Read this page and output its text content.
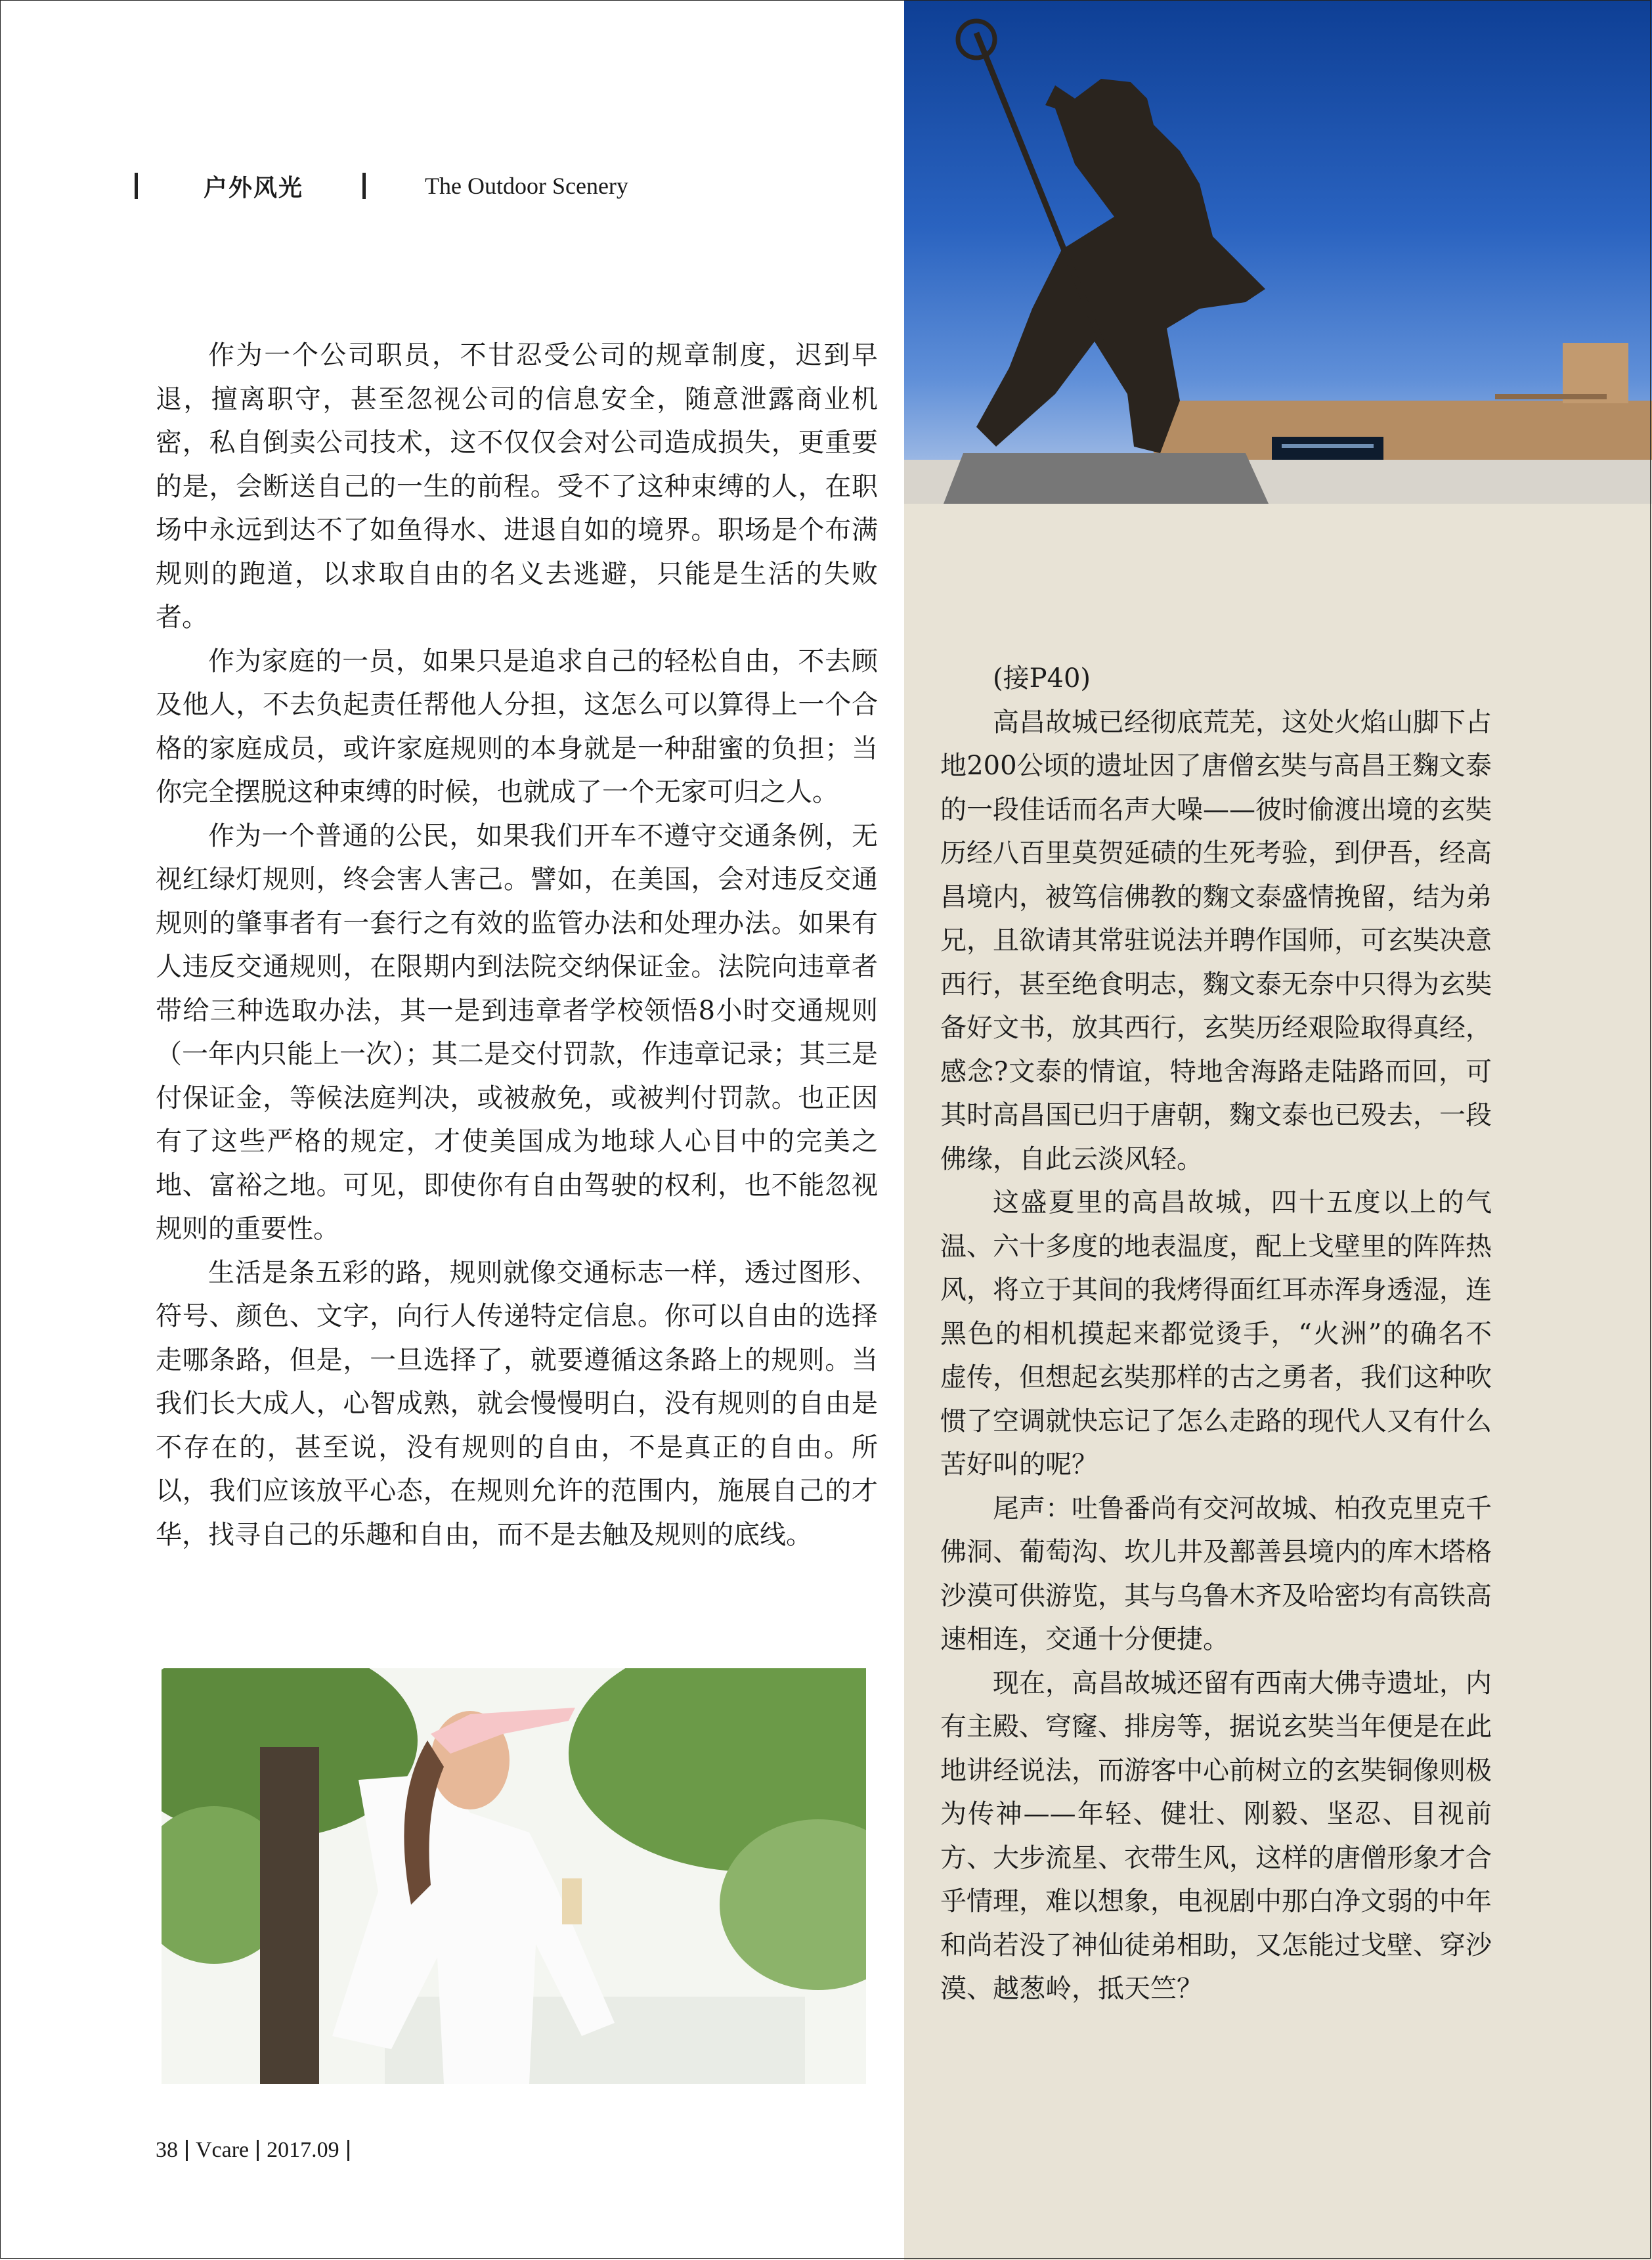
户外风光	The Outdoor Scenery

作为一个公司职员，不甘忍受公司的规章制度，迟到早退，擅离职守，甚至忽视公司的信息安全，随意泄露商业机密，私自倒卖公司技术，这不仅仅会对公司造成损失，更重要的是，会断送自己的一生的前程。受不了这种束缚的人，在职场中永远到达不了如鱼得水、进退自如的境界。职场是个布满规则的跑道，以求取自由的名义去逃避，只能是生活的失败者。

作为家庭的一员，如果只是追求自己的轻松自由，不去顾及他人，不去负起责任帮他人分担，这怎么可以算得上一个合格的家庭成员，或许家庭规则的本身就是一种甜蜜的负担；当你完全摆脱这种束缚的时候，也就成了一个无家可归之人。

作为一个普通的公民，如果我们开车不遵守交通条例，无视红绿灯规则，终会害人害己。譬如，在美国，会对违反交通规则的肇事者有一套行之有效的监管办法和处理办法。如果有人违反交通规则，在限期内到法院交纳保证金。法院向违章者带给三种选取办法，其一是到违章者学校领悟8小时交通规则（一年内只能上一次）；其二是交付罚款，作违章记录；其三是付保证金，等候法庭判决，或被赦免，或被判付罚款。也正因有了这些严格的规定，才使美国成为地球人心目中的完美之地、富裕之地。可见，即使你有自由驾驶的权利，也不能忽视规则的重要性。

生活是条五彩的路，规则就像交通标志一样，透过图形、符号、颜色、文字，向行人传递特定信息。你可以自由的选择走哪条路，但是，一旦选择了，就要遵循这条路上的规则。当我们长大成人，心智成熟，就会慢慢明白，没有规则的自由是不存在的，甚至说，没有规则的自由，不是真正的自由。所以，我们应该放平心态，在规则允许的范围内，施展自己的才华，找寻自己的乐趣和自由，而不是去触及规则的底线。

(接P40)

高昌故城已经彻底荒芜，这处火焰山脚下占地200公顷的遗址因了唐僧玄奘与高昌王麴文泰的一段佳话而名声大噪——彼时偷渡出境的玄奘历经八百里莫贺延碛的生死考验，到伊吾，经高昌境内，被笃信佛教的麴文泰盛情挽留，结为弟兄，且欲请其常驻说法并聘作国师，可玄奘决意西行，甚至绝食明志，麴文泰无奈中只得为玄奘备好文书，放其西行，玄奘历经艰险取得真经，感念?文泰的情谊，特地舍海路走陆路而回，可其时高昌国已归于唐朝，麴文泰也已殁去，一段佛缘，自此云淡风轻。

这盛夏里的高昌故城，四十五度以上的气温、六十多度的地表温度，配上戈壁里的阵阵热风，将立于其间的我烤得面红耳赤浑身透湿，连黑色的相机摸起来都觉烫手，“火洲”的确名不虚传，但想起玄奘那样的古之勇者，我们这种吹惯了空调就快忘记了怎么走路的现代人又有什么苦好叫的呢？

尾声：吐鲁番尚有交河故城、柏孜克里克千佛洞、葡萄沟、坎儿井及鄯善县境内的库木塔格沙漠可供游览，其与乌鲁木齐及哈密均有高铁高速相连，交通十分便捷。

现在，高昌故城还留有西南大佛寺遗址，内有主殿、穹窿、排房等，据说玄奘当年便是在此地讲经说法，而游客中心前树立的玄奘铜像则极为传神——年轻、健壮、刚毅、坚忍、目视前方、大步流星、衣带生风，这样的唐僧形象才合乎情理，难以想象，电视剧中那白净文弱的中年和尚若没了神仙徒弟相助，又怎能过戈壁、穿沙漠、越葱岭，抵天竺？

38 Vcare 2017.09
